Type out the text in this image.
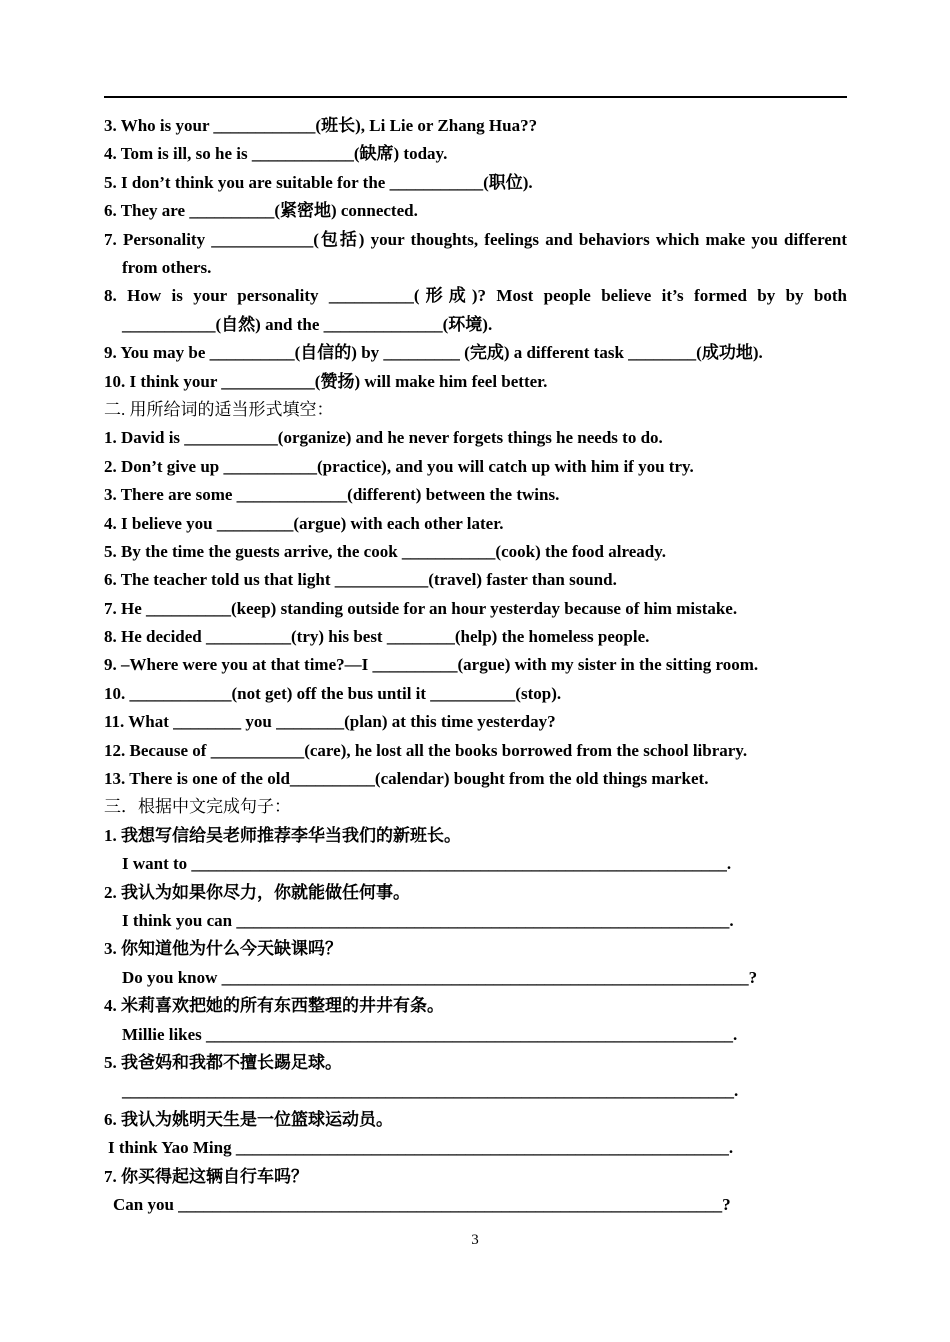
3. Who is your ____________(班长), Li Lie or Zhang Hua??
4. Tom is ill, so he is ____________(缺席) today.
5. I don’t think you are suitable for the ___________(职位).
6. They are __________(紧密地) connected.
7. Personality ____________(包括) your thoughts, feelings and behaviors which make you different from others.
8. How is your personality __________(形成)? Most people believe it’s formed by by both ___________(自然) and the ______________(环境).
9. You may be __________(自信的) by _________ (完成) a different task ________(成功地).
10. I think your ___________(赞扬) will make him feel better.
二. 用所给词的适当形式填空：
1. David is ___________(organize) and he never forgets things he needs to do.
2. Don’t give up ___________(practice), and you will catch up with him if you try.
3. There are some _____________(different) between the twins.
4. I believe you _________(argue) with each other later.
5. By the time the guests arrive, the cook ___________(cook) the food already.
6. The teacher told us that light ___________(travel) faster than sound.
7. He __________(keep) standing outside for an hour yesterday because of him mistake.
8. He decided __________(try) his best ________(help) the homeless people.
9. –Where were you at that time?—I __________(argue) with my sister in the sitting room.
10. ____________(not get) off the bus until it __________(stop).
11. What ________ you ________(plan) at this time yesterday?
12. Because of ___________(care), he lost all the books borrowed from the school library.
13. There is one of the old__________(calendar) bought from the old things market.
三．根据中文完成句子：
1. 我想写信给吴老师推荐李华当我们的新班长。
I want to _______________________________________________________________.
2. 我认为如果你尽力，你就能做任何事。
I think you can __________________________________________________________.
3. 你知道他为什么今天缺课吗？
Do you know ______________________________________________________________?
4. 米莉喜欢把她的所有东西整理的井井有条。
Millie likes ______________________________________________________________.
5. 我爸妈和我都不擅长踢足球。
________________________________________________________________________.
6. 我认为姚明天生是一位篮球运动员。
I think Yao Ming __________________________________________________________.
7. 你买得起这辆自行车吗？
Can you ________________________________________________________________?
3
